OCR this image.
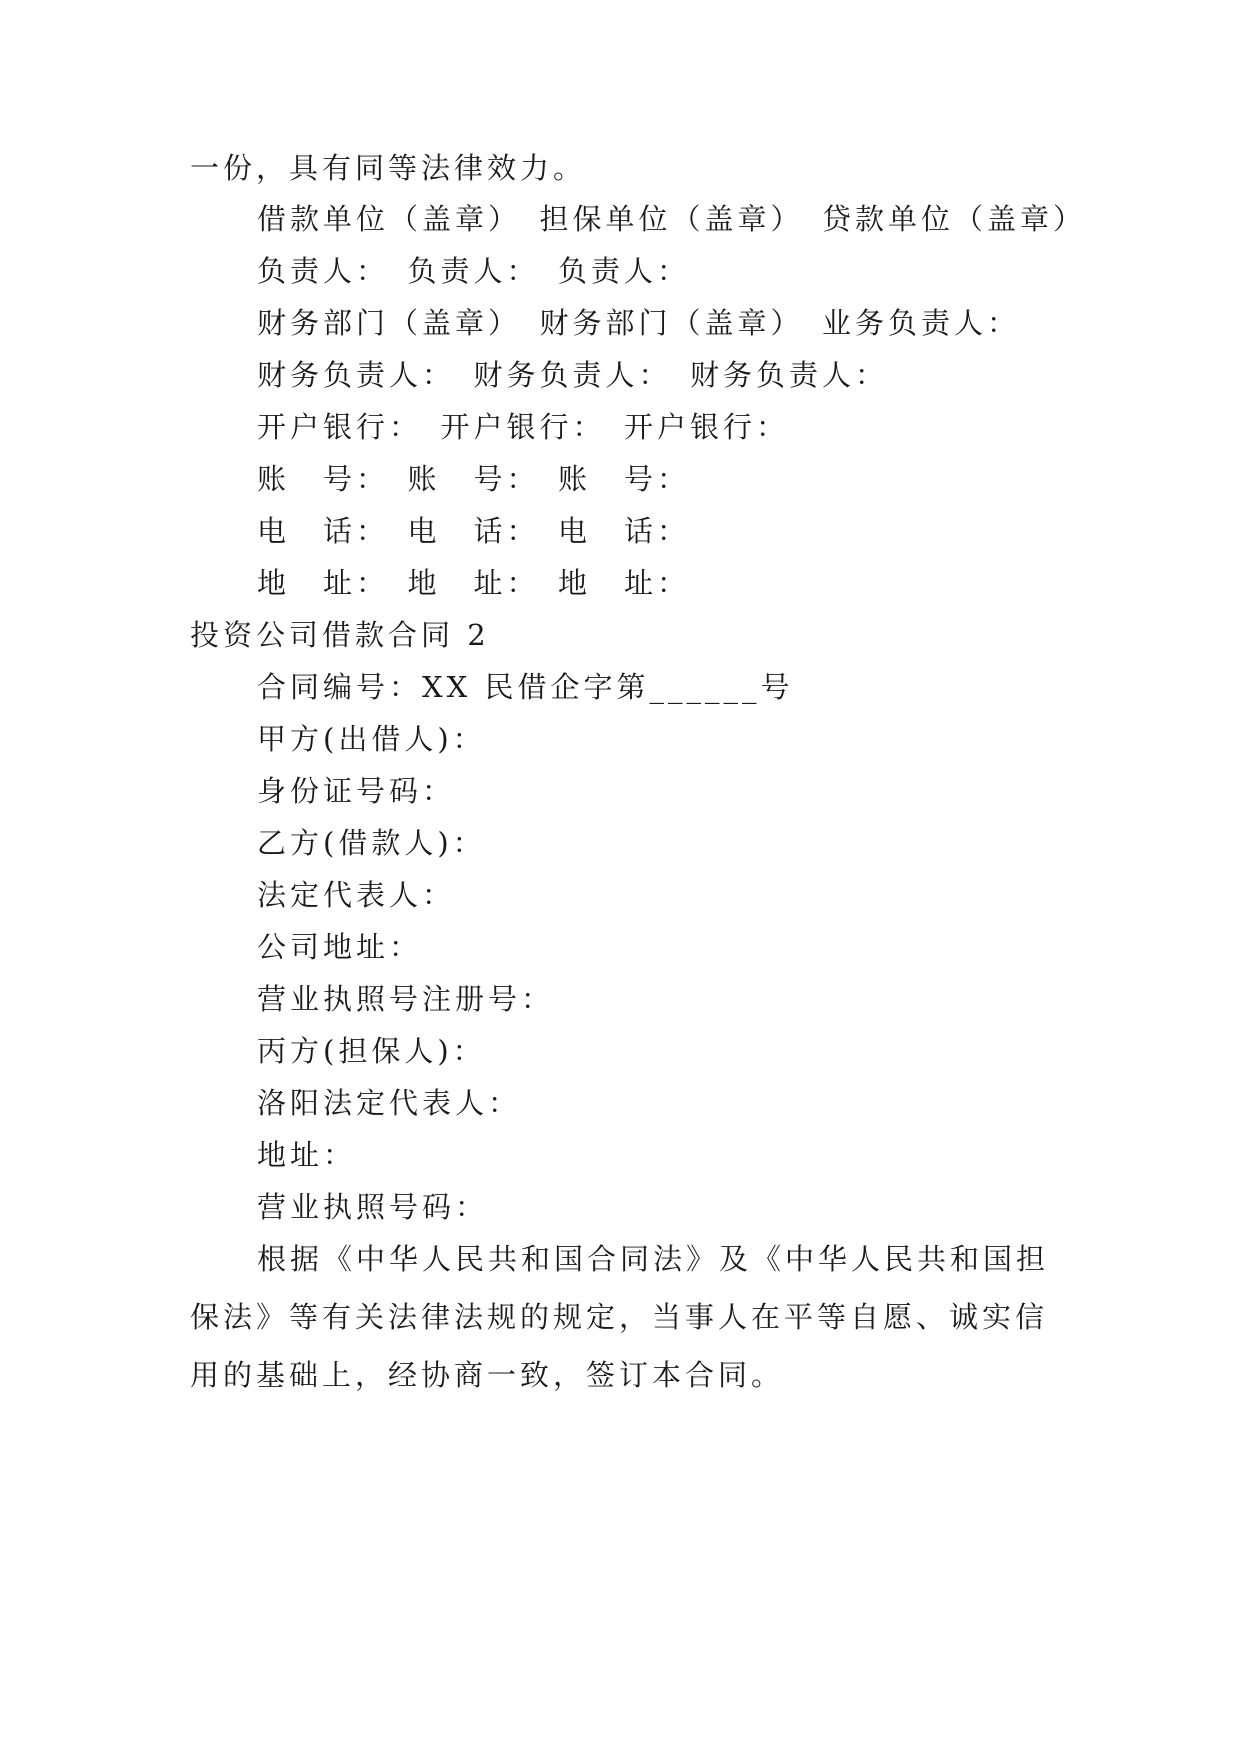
一份，具有同等法律效力。
借款单位（盖章）　担保单位（盖章）　贷款单位（盖章）
负责人：　负责人：　负责人：
财务部门（盖章）　财务部门（盖章）　业务负责人：
财务负责人：　财务负责人：　财务负责人：
开户银行：　开户银行：　开户银行：
账　号：　账　号：　账　号：
电　话：　电　话：　电　话：
地　址：　地　址：　地　址：
投资公司借款合同 2
合同编号：XX 民借企字第______号
甲方(出借人)：
身份证号码：
乙方(借款人)：
法定代表人：
公司地址：
营业执照号注册号：
丙方(担保人)：
洛阳法定代表人：
地址：
营业执照号码：

根据《中华人民共和国合同法》及《中华人民共和国担保法》等有关法律法规的规定，当事人在平等自愿、诚实信用的基础上，经协商一致，签订本合同。
